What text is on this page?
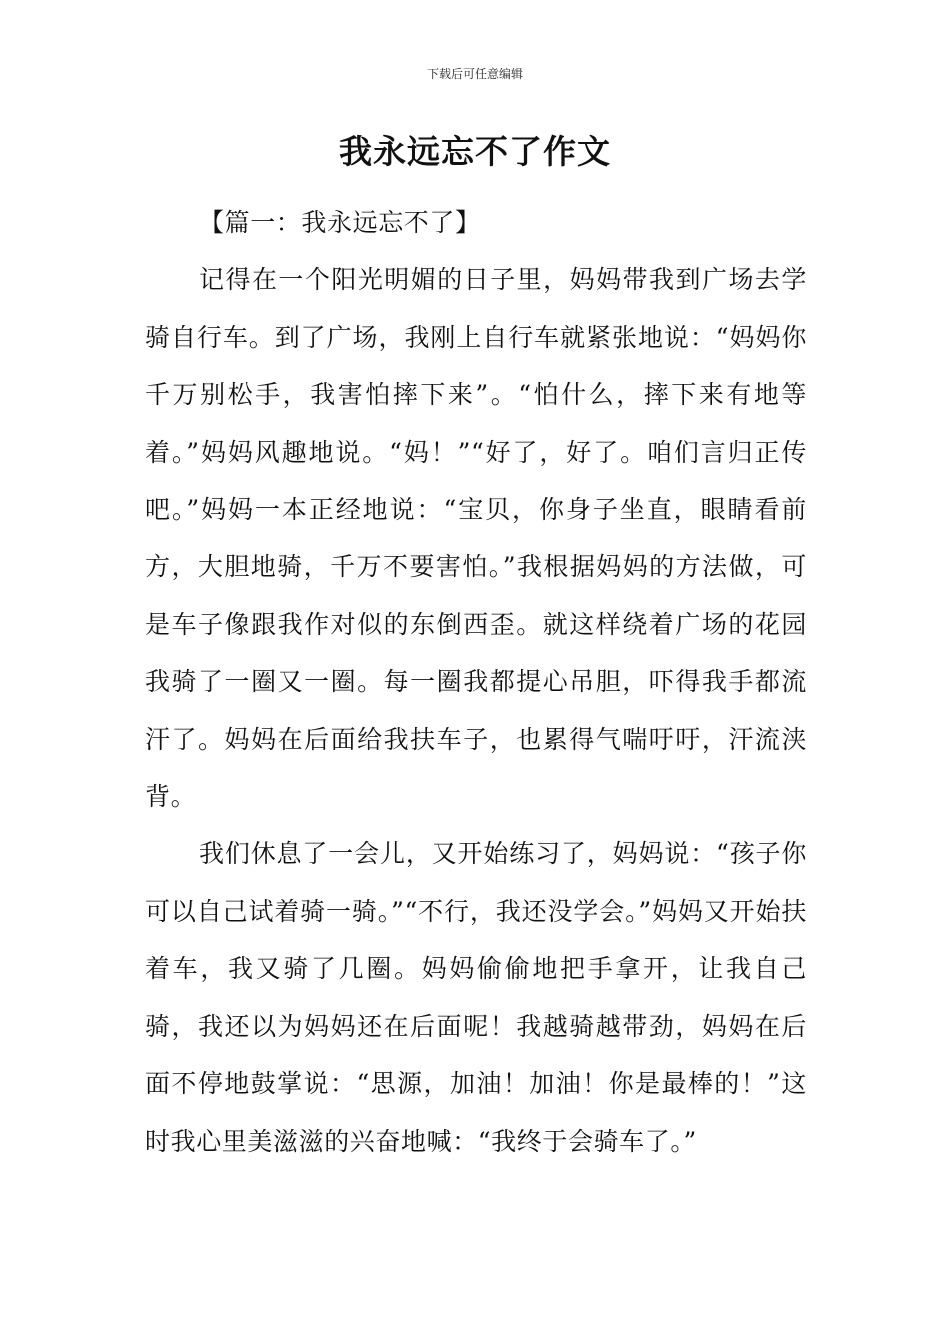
下载后可任意编辑
我永远忘不了作文

【篇一：我永远忘不了】

记得在一个阳光明媚的日子里，妈妈带我到广场去学骑自行车。到了广场，我刚上自行车就紧张地说：“妈妈你千万别松手，我害怕摔下来”。“怕什么，摔下来有地等着。”妈妈风趣地说。“妈！”“好了，好了。咱们言归正传吧。”妈妈一本正经地说：“宝贝，你身子坐直，眼睛看前方，大胆地骑，千万不要害怕。”我根据妈妈的方法做，可是车子像跟我作对似的东倒西歪。就这样绕着广场的花园我骑了一圈又一圈。每一圈我都提心吊胆，吓得我手都流汗了。妈妈在后面给我扶车子，也累得气喘吁吁，汗流浃背。

我们休息了一会儿，又开始练习了，妈妈说：“孩子你可以自己试着骑一骑。”“不行，我还没学会。”妈妈又开始扶着车，我又骑了几圈。妈妈偷偷地把手拿开，让我自己骑，我还以为妈妈还在后面呢！我越骑越带劲，妈妈在后面不停地鼓掌说：“思源，加油！加油！你是最棒的！”这时我心里美滋滋的兴奋地喊：“我终于会骑车了。”
